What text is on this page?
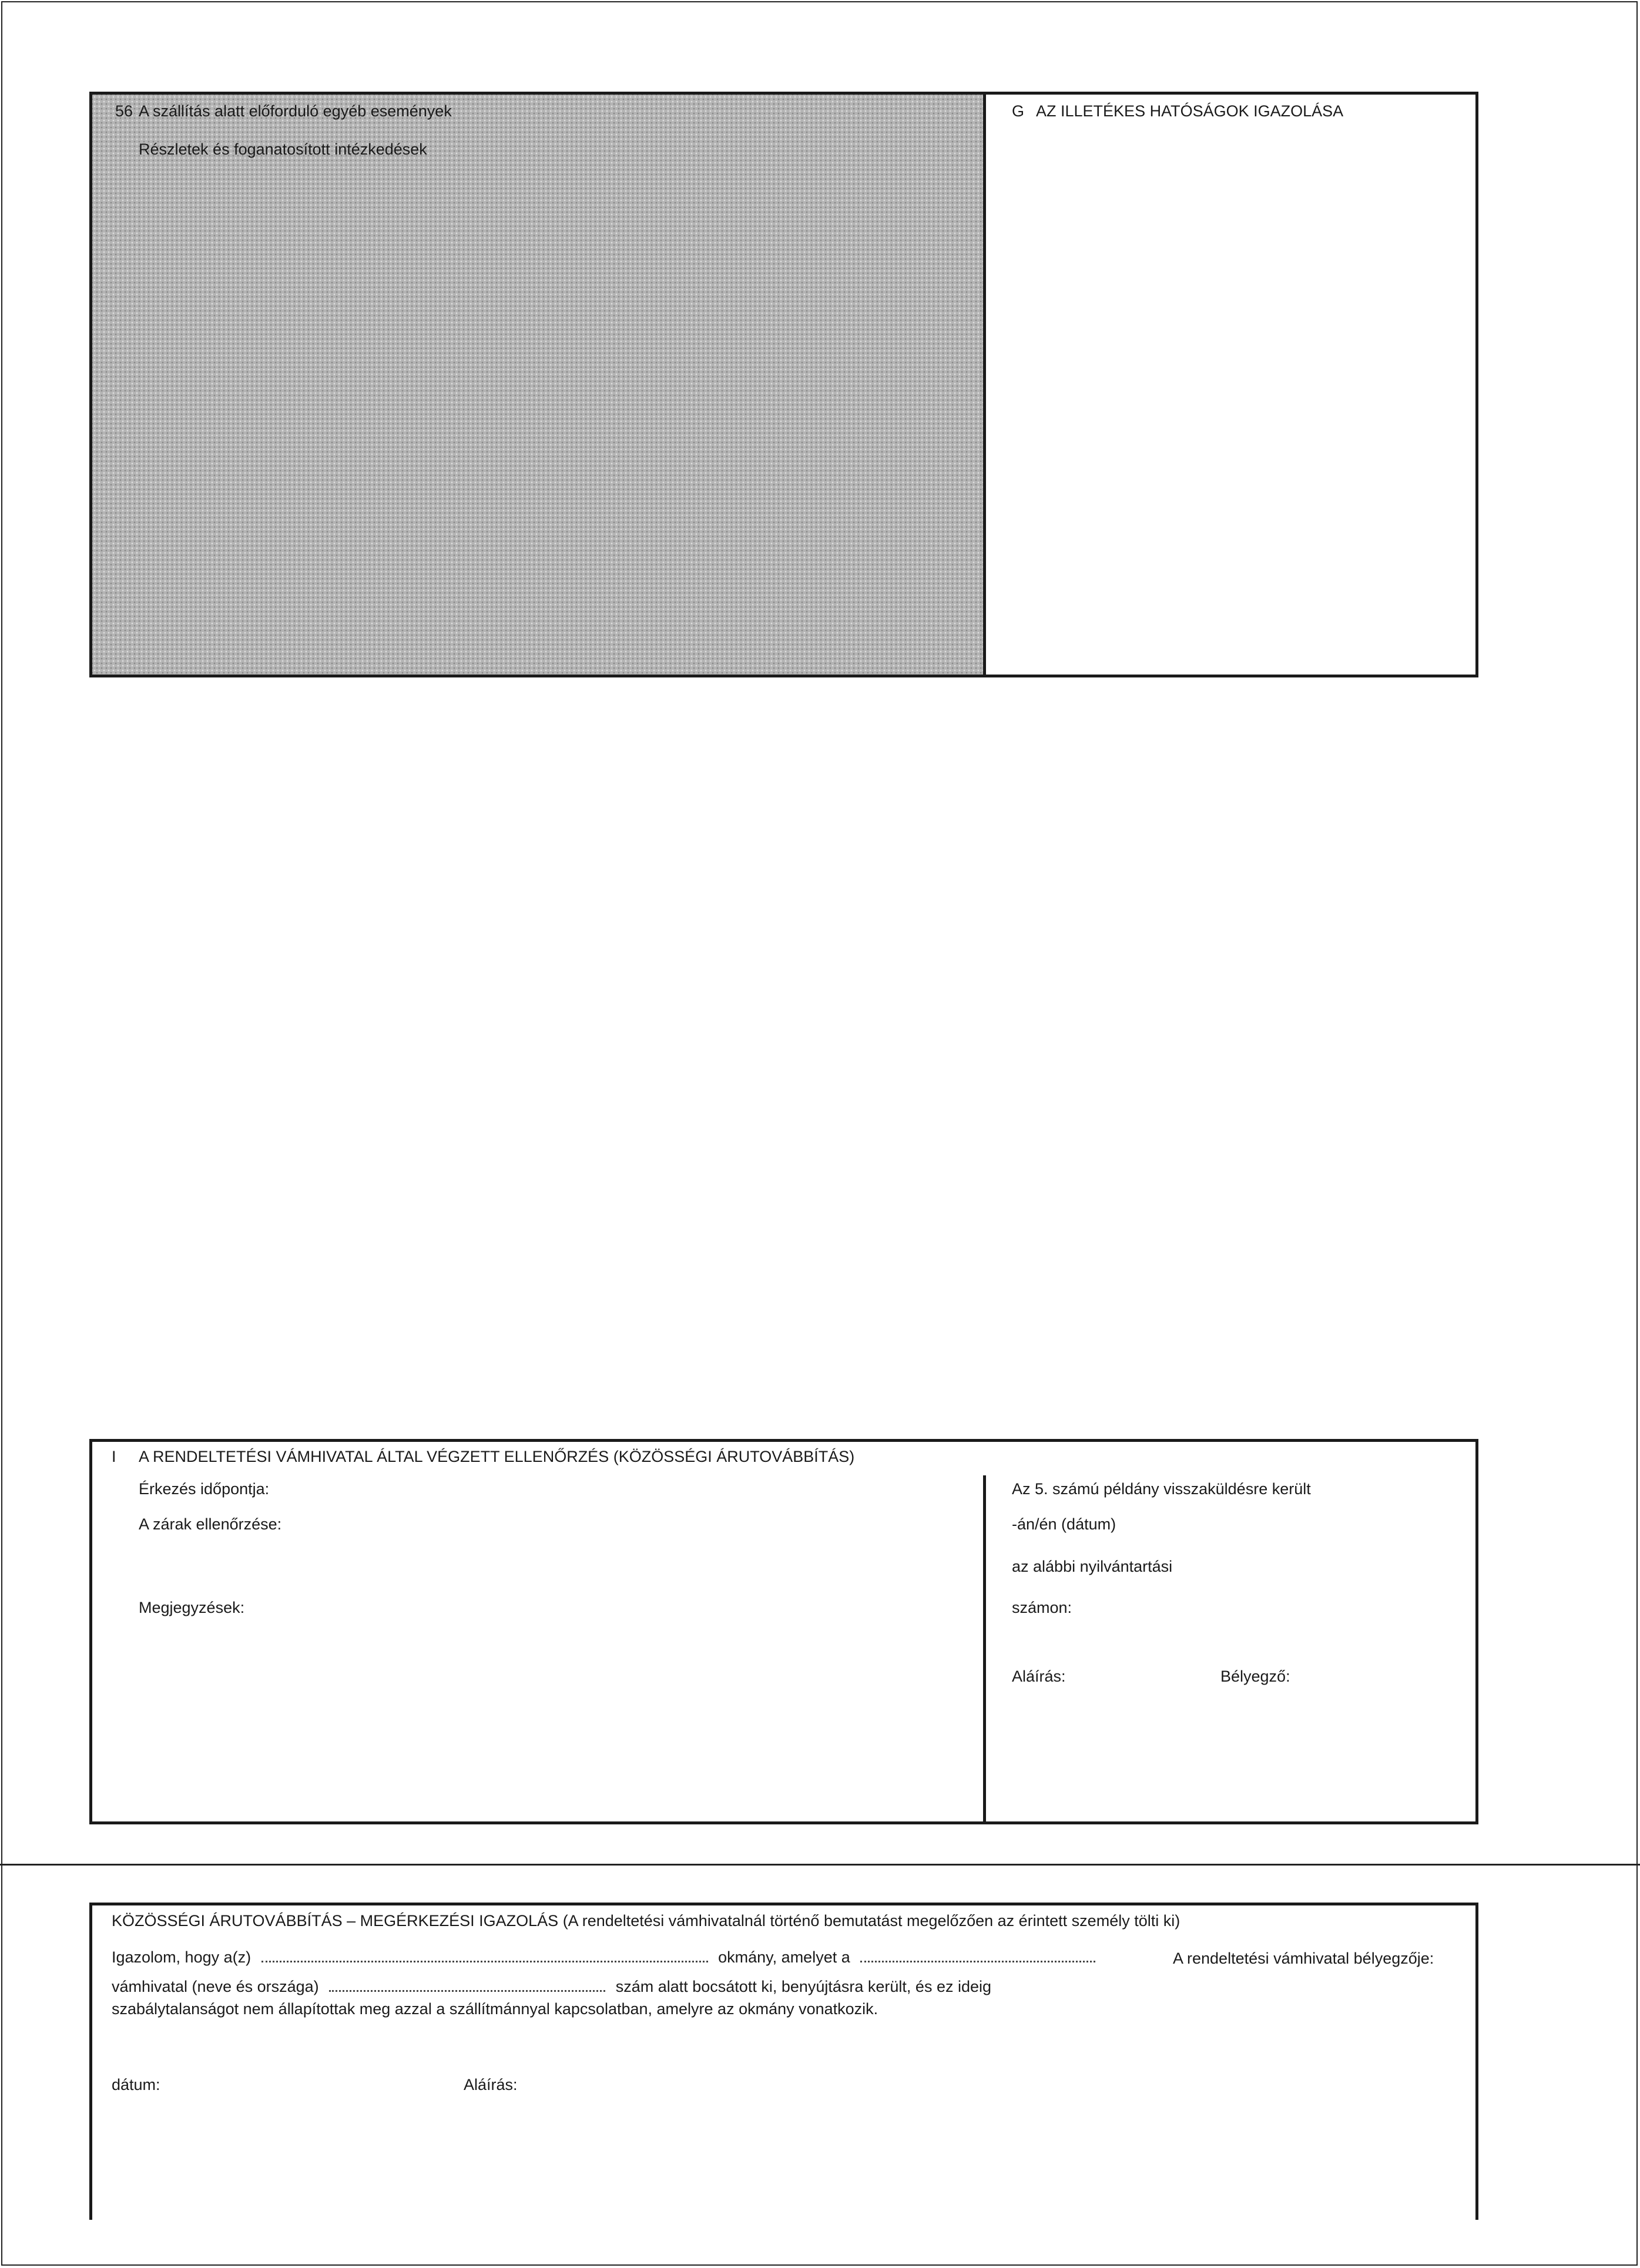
56 A szállítás alatt előforduló egyéb események
Részletek és foganatosított intézkedések
G AZ ILLETÉKES HATÓSÁGOK IGAZOLÁSA
I A RENDELTETÉSI VÁMHIVATAL ÁLTAL VÉGZETT ELLENŐRZÉS (KÖZÖSSÉGI ÁRUTOVÁBBÍTÁS)
Érkezés időpontja:
A zárak ellenőrzése:
Megjegyzések:
Az 5. számú példány visszaküldésre került
-án/én (dátum)
az alábbi nyilvántartási
számon:
Aláírás:	Bélyegző:
KÖZÖSSÉGI ÁRUTOVÁBBÍTÁS – MEGÉRKEZÉSI IGAZOLÁS (A rendeltetési vámhivatalnál történő bemutatást megelőzően az érintett személy tölti ki)
Igazolom, hogy a(z)	okmány, amelyet a
vámhivatal (neve és országa)	szám alatt bocsátott ki, benyújtásra került, és ez ideig
szabálytalanságot nem állapítottak meg azzal a szállítmánnyal kapcsolatban, amelyre az okmány vonatkozik.
A rendeltetési vámhivatal bélyegzője:
dátum:	Aláírás:
